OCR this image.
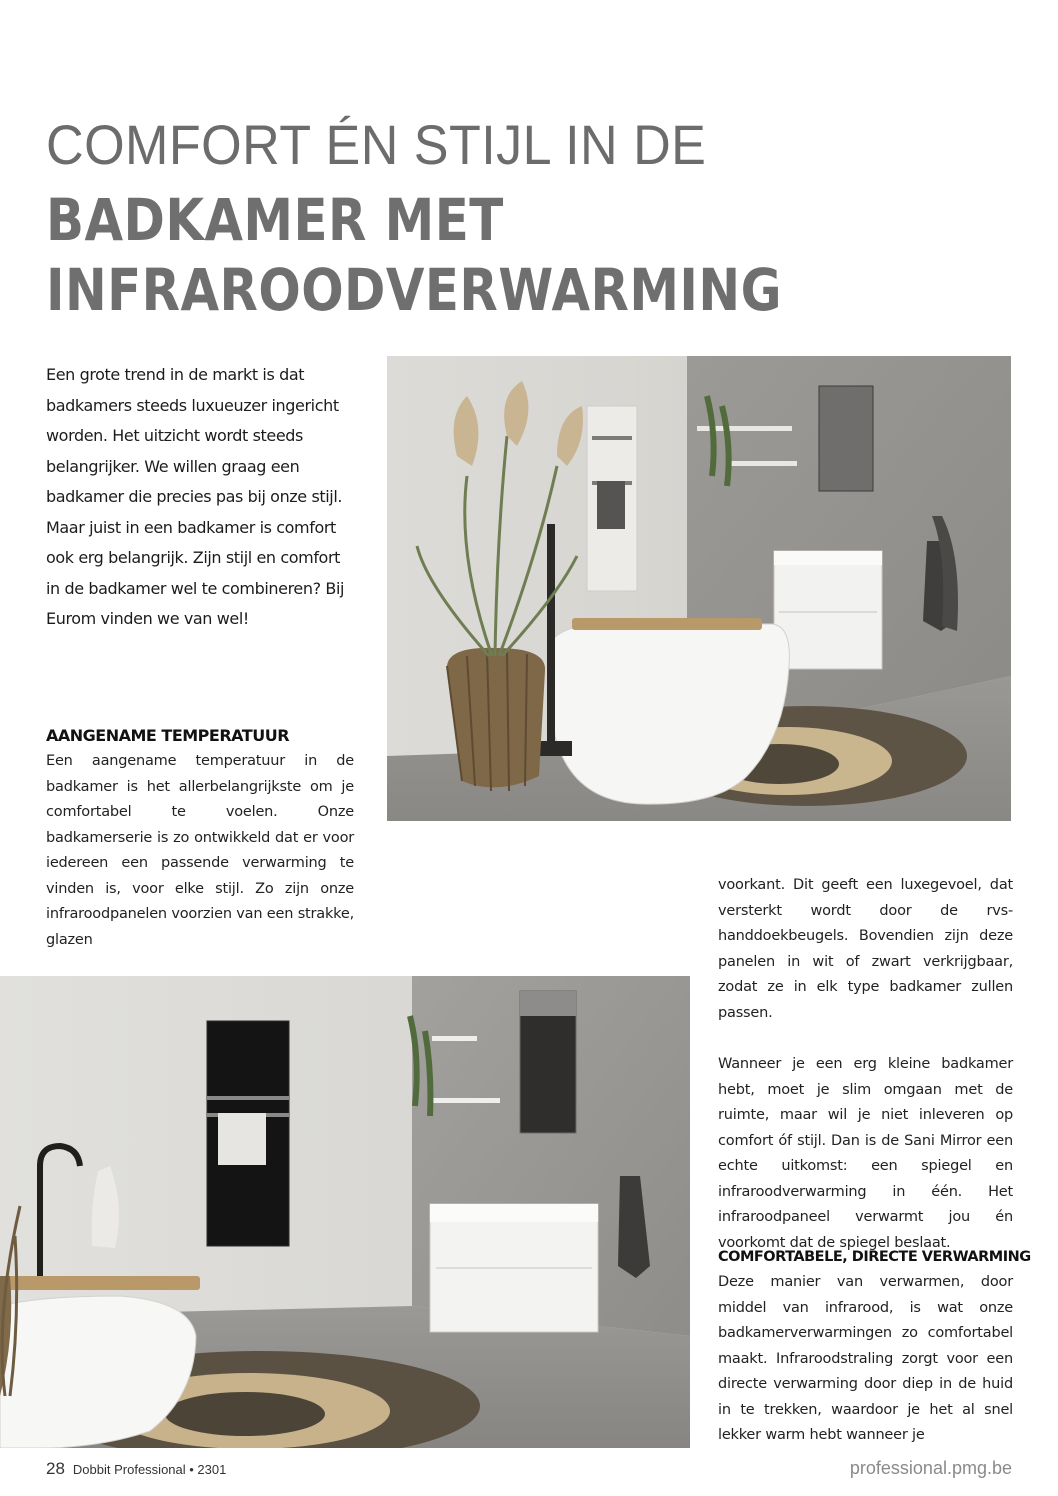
COMFORT ÉN STIJL IN DE
BADKAMER MET
INFRAROODVERWARMING
Een grote trend in de markt is dat badkamers steeds luxueuzer ingericht worden. Het uitzicht wordt steeds belangrijker. We willen graag een badkamer die precies pas bij onze stijl. Maar juist in een badkamer is comfort ook erg belangrijk. Zijn stijl en comfort in de badkamer wel te combineren? Bij Eurom vinden we van wel!
AANGENAME TEMPERATUUR

Een aangename temperatuur in de badkamer is het allerbelangrijkste om je comfortabel te voelen. Onze badkamerserie is zo ontwikkeld dat er voor iedereen een passende verwarming te vinden is, voor elke stijl. Zo zijn onze infraroodpanelen voorzien van een strakke, glazen

voorkant. Dit geeft een luxegevoel, dat versterkt wordt door de rvs-handdoekbeugels. Bovendien zijn deze panelen in wit of zwart verkrijgbaar, zodat ze in elk type badkamer zullen passen.

Wanneer je een erg kleine badkamer hebt, moet je slim omgaan met de ruimte, maar wil je niet inleveren op comfort óf stijl. Dan is de Sani Mirror een echte uitkomst: een spiegel en infraroodverwarming in één. Het infraroodpaneel verwarmt jou én voorkomt dat de spiegel beslaat.

COMFORTABELE, DIRECTE VERWARMING

Deze manier van verwarmen, door middel van infrarood, is wat onze badkamerverwarmingen zo comfortabel maakt. Infraroodstraling zorgt voor een directe verwarming door diep in de huid in te trekken, waardoor je het al snel lekker warm hebt wanneer je

28 Dobbit Professional • 2301	professional.pmg.be
